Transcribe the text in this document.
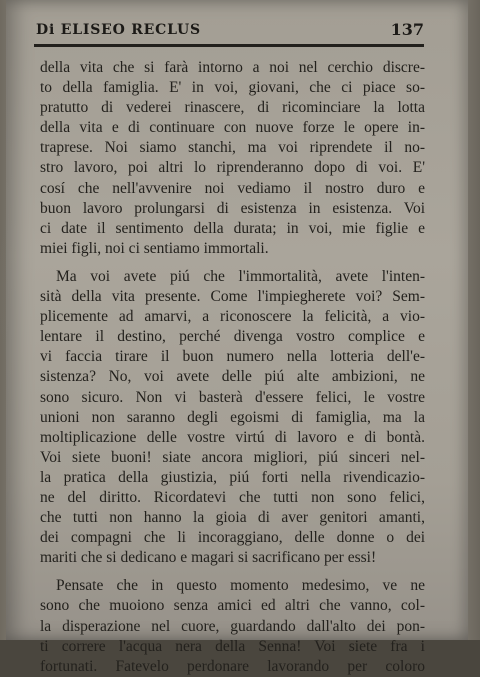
Di ELISEO RECLUS	137
della vita che si farà intorno a noi nel cerchio discre-
to della famiglia. E' in voi, giovani, che ci piace so-
pratutto di vederei rinascere, di ricominciare la lotta
della vita e di continuare con nuove forze le opere in-
traprese. Noi siamo stanchi, ma voi riprendete il no-
stro lavoro, poi altri lo riprenderanno dopo di voi. E'
cosí che nell'avvenire noi vediamo il nostro duro e
buon lavoro prolungarsi di esistenza in esistenza. Voi
ci date il sentimento della durata; in voi, mie figlie e
miei figli, noi ci sentiamo immortali.
Ma voi avete piú che l'immortalità, avete l'inten-
sità della vita presente. Come l'impiegherete voi? Sem-
plicemente ad amarvi, a riconoscere la felicità, a vio-
lentare il destino, perché divenga vostro complice e
vi faccia tirare il buon numero nella lotteria dell'e-
sistenza? No, voi avete delle piú alte ambizioni, ne
sono sicuro. Non vi basterà d'essere felici, le vostre
unioni non saranno degli egoismi di famiglia, ma la
moltiplicazione delle vostre virtú di lavoro e di bontà.
Voi siete buoni! siate ancora migliori, piú sinceri nel-
la pratica della giustizia, piú forti nella rivendicazio-
ne del diritto. Ricordatevi che tutti non sono felici,
che tutti non hanno la gioia di aver genitori amanti,
dei compagni che li incoraggiano, delle donne o dei
mariti che si dedicano e magari si sacrificano per essi!
Pensate che in questo momento medesimo, ve ne
sono che muoiono senza amici ed altri che vanno, col-
la disperazione nel cuore, guardando dall'alto dei pon-
ti correre l'acqua nera della Senna! Voi siete fra i
fortunati. Fatevelo perdonare lavorando per coloro
